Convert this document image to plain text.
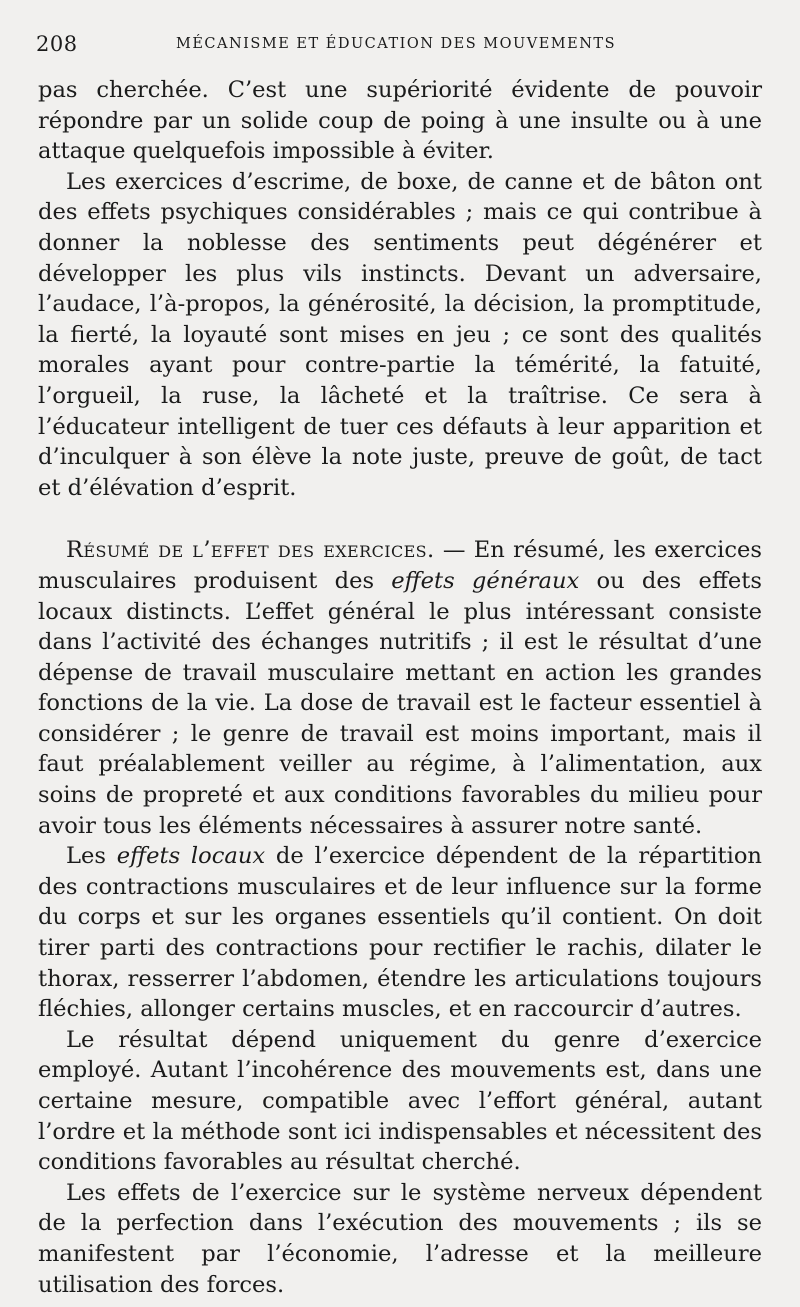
208	MÉCANISME ET ÉDUCATION DES MOUVEMENTS

pas cherchée. C’est une supériorité évidente de pouvoir répondre par un solide coup de poing à une insulte ou à une attaque quelquefois impossible à éviter.

Les exercices d’escrime, de boxe, de canne et de bâton ont des effets psychiques considérables ; mais ce qui contribue à donner la noblesse des sentiments peut dégénérer et développer les plus vils instincts. Devant un adversaire, l’audace, l’à-propos, la générosité, la décision, la promptitude, la fierté, la loyauté sont mises en jeu ; ce sont des qualités morales ayant pour contre-partie la témérité, la fatuité, l’orgueil, la ruse, la lâcheté et la traîtrise. Ce sera à l’éducateur intelligent de tuer ces défauts à leur apparition et d’inculquer à son élève la note juste, preuve de goût, de tact et d’élévation d’esprit.

Résumé de l’effet des exercices. — En résumé, les exercices musculaires produisent des effets généraux ou des effets locaux distincts. L’effet général le plus intéressant consiste dans l’activité des échanges nutritifs ; il est le résultat d’une dépense de travail musculaire mettant en action les grandes fonctions de la vie. La dose de travail est le facteur essentiel à considérer ; le genre de travail est moins important, mais il faut préalablement veiller au régime, à l’alimentation, aux soins de propreté et aux conditions favorables du milieu pour avoir tous les éléments nécessaires à assurer notre santé.

Les effets locaux de l’exercice dépendent de la répartition des contractions musculaires et de leur influence sur la forme du corps et sur les organes essentiels qu’il contient. On doit tirer parti des contractions pour rectifier le rachis, dilater le thorax, resserrer l’abdomen, étendre les articulations toujours fléchies, allonger certains muscles, et en raccourcir d’autres.

Le résultat dépend uniquement du genre d’exercice employé. Autant l’incohérence des mouvements est, dans une certaine mesure, compatible avec l’effort général, autant l’ordre et la méthode sont ici indispensables et nécessitent des conditions favorables au résultat cherché.

Les effets de l’exercice sur le système nerveux dépendent de la perfection dans l’exécution des mouvements ; ils se manifestent par l’économie, l’adresse et la meilleure utilisation des forces.
